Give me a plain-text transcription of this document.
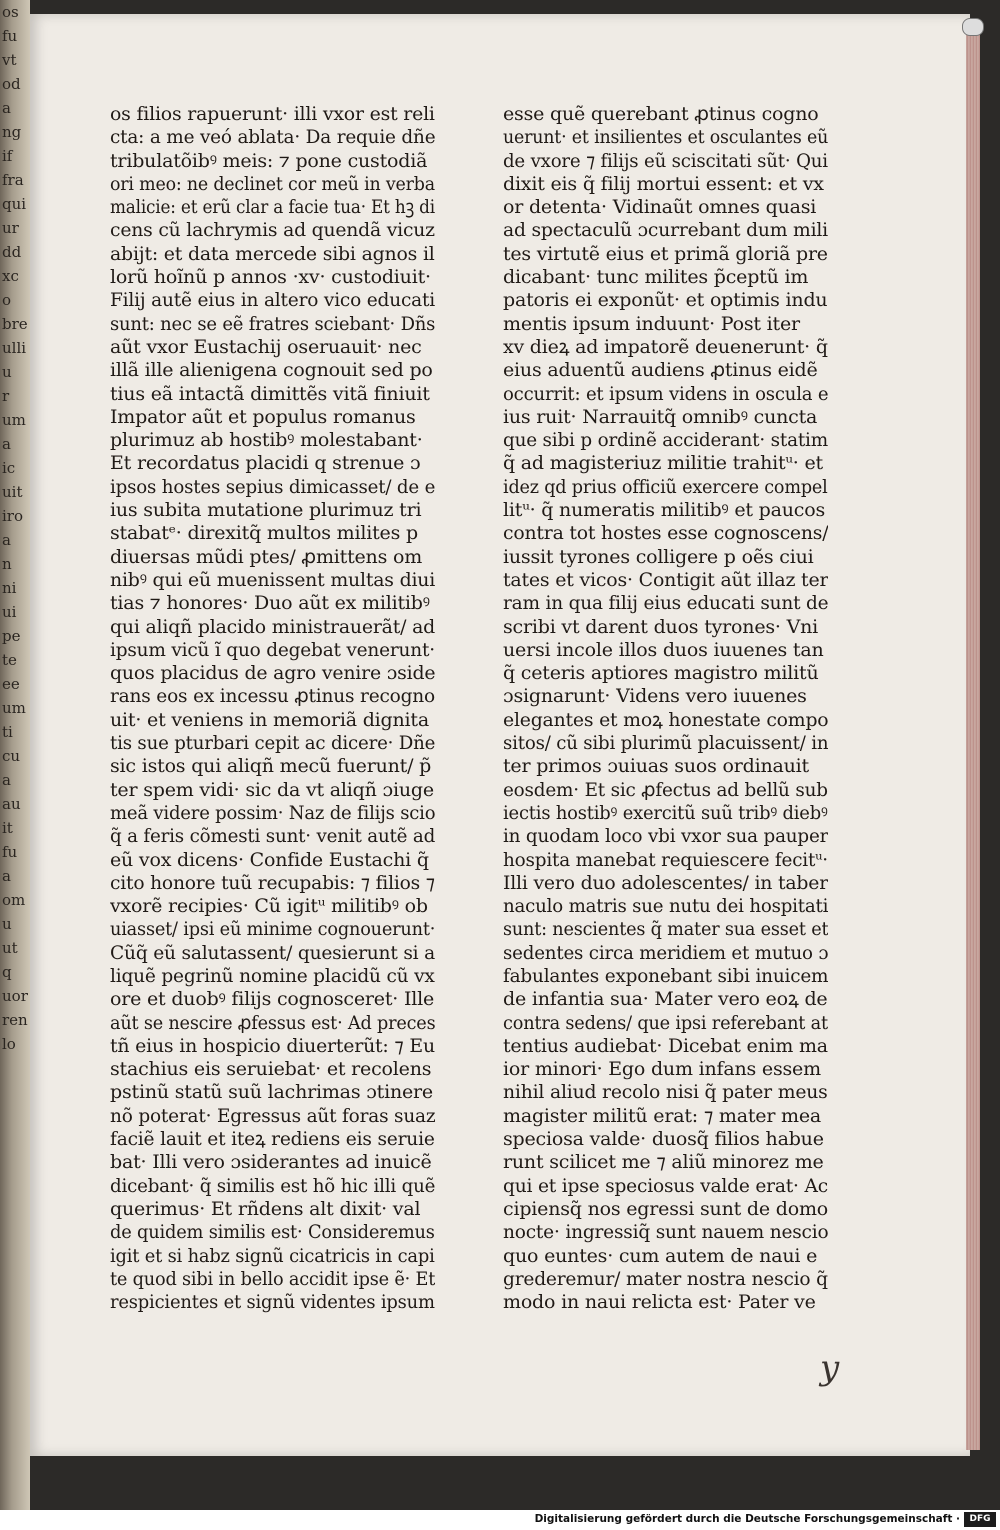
os
fu
vt
od
a
ng
if
fra
qui
ur
dd
xc
o
bre
ulli
u
r
um
a
ic
uit
iro
a
n
ni
ui
pe
te
ee
um
ti
cu
a
au
it
fu
a
om
u
ut
q
uor
ren
lo
os filios rapuerunt· illi vxor est reli
cta: a me veó ablata· Da requie dñe
tribulatõibꝰ meis: ⁊ pone custodiã
ori meo: ne declinet cor meũ in verba
malicie: et erũ clar a facie tua· Et hꝫ di
cens cũ lachrymis ad quendã vicuz
abijt: et data mercede sibi agnos il
lorũ hoĩnũ p annos ·xv· custodiuit·
Filij autẽ eius in altero vico educati
sunt: nec se eẽ fratres sciebant· Dñs
aũt vxor Eustachij oseruauit· nec
illã ille alienigena cognouit sed po
tius eã intactã dimittẽs vitã finiuit
Impator aũt et populus romanus
plurimuz ab hostibꝰ molestabant·
Et recordatus placidi q strenue ɔ
ipsos hostes sepius dimicasset/ de e
ius subita mutatione plurimuz tri
stabatᵉ· direxitq̃ multos milites p
diuersas mũdi ptes/ ꝓmittens om
nibꝰ qui eũ muenissent multas diui
tias ⁊ honores· Duo aũt ex militibꝰ
qui aliqñ placido ministrauerãt/ ad
ipsum vicũ ĩ quo degebat venerunt·
quos placidus de agro venire ɔside
rans eos ex incessu ꝓtinus recogno
uit· et veniens in memoriã dignita
tis sue pturbari cepit ac dicere· Dñe
sic istos qui aliqñ mecũ fuerunt/ p̃
ter spem vidi· sic da vt aliqñ ɔiuge
meã videre possim· Naz de filijs scio
q̃ a feris cõmesti sunt· venit autẽ ad
eũ vox dicens· Confide Eustachi q̃
cito honore tuũ recupabis: ⁊ filios ⁊
vxorẽ recipies· Cũ igitᵘ militibꝰ ob
uiasset/ ipsi eũ minime cognouerunt·
Cũq̃ eũ salutassent/ quesierunt si a
liquẽ pegrinũ nomine placidũ cũ vx
ore et duobꝰ filijs cognosceret· Ille
aũt se nescire ꝓfessus est· Ad preces
tñ eius in hospicio diuerterũt: ⁊ Eu
stachius eis seruiebat· et recolens
pstinũ statũ suũ lachrimas ɔtinere
nõ poterat· Egressus aũt foras suaz
faciẽ lauit et iteꝝ rediens eis seruie
bat· Illi vero ɔsiderantes ad inuicẽ
dicebant· q̃ similis est hõ hic illi quẽ
querimus· Et rñdens alt dixit· val
de quidem similis est· Consideremus
igit et si habz signũ cicatricis in capi
te quod sibi in bello accidit ipse ẽ· Et
respicientes et signũ videntes ipsum
esse quẽ querebant ꝓtinus cogno
uerunt· et insilientes et osculantes eũ
de vxore ⁊ filijs eũ sciscitati sũt· Qui
dixit eis q̃ filij mortui essent: et vx
or detenta· Vidinaũt omnes quasi
ad spectaculũ ɔcurrebant dum mili
tes virtutẽ eius et primã gloriã pre
dicabant· tunc milites p̃ceptũ im
patoris ei exponũt· et optimis indu
mentis ipsum induunt· Post iter
xv dieꝝ ad impatorẽ deuenerunt· q̃
eius aduentũ audiens ꝓtinus eidẽ
occurrit: et ipsum videns in oscula e
ius ruit· Narrauitq̃ omnibꝰ cuncta
que sibi p ordinẽ acciderant· statim
q̃ ad magisteriuz militie trahitᵘ· et
idez qd prius officiũ exercere compel
litᵘ· q̃ numeratis militibꝰ et paucos
contra tot hostes esse cognoscens/
iussit tyrones colligere p oẽs ciui
tates et vicos· Contigit aũt illaz ter
ram in qua filij eius educati sunt de
scribi vt darent duos tyrones· Vni
uersi incole illos duos iuuenes tan
q̃ ceteris aptiores magistro militũ
ɔsignarunt· Videns vero iuuenes
elegantes et moꝝ honestate compo
sitos/ cũ sibi plurimũ placuissent/ in
ter primos ɔuiuas suos ordinauit
eosdem· Et sic ꝓfectus ad bellũ sub
iectis hostibꝰ exercitũ suũ tribꝰ diebꝰ
in quodam loco vbi vxor sua pauper
hospita manebat requiescere fecitᵘ·
Illi vero duo adolescentes/ in taber
naculo matris sue nutu dei hospitati
sunt: nescientes q̃ mater sua esset et
sedentes circa meridiem et mutuo ɔ
fabulantes exponebant sibi inuicem
de infantia sua· Mater vero eoꝝ de
contra sedens/ que ipsi referebant at
tentius audiebat· Dicebat enim ma
ior minori· Ego dum infans essem
nihil aliud recolo nisi q̃ pater meus
magister militũ erat: ⁊ mater mea
speciosa valde· duosq̃ filios habue
runt scilicet me ⁊ aliũ minorez me
qui et ipse speciosus valde erat· Ac
cipiensq̃ nos egressi sunt de domo
nocte· ingressiq̃ sunt nauem nescio
quo euntes· cum autem de naui e
grederemur/ mater nostra nescio q̃
modo in naui relicta est· Pater ve
y
Digitalisierung gefördert durch die Deutsche Forschungsgemeinschaft ·	DFG
